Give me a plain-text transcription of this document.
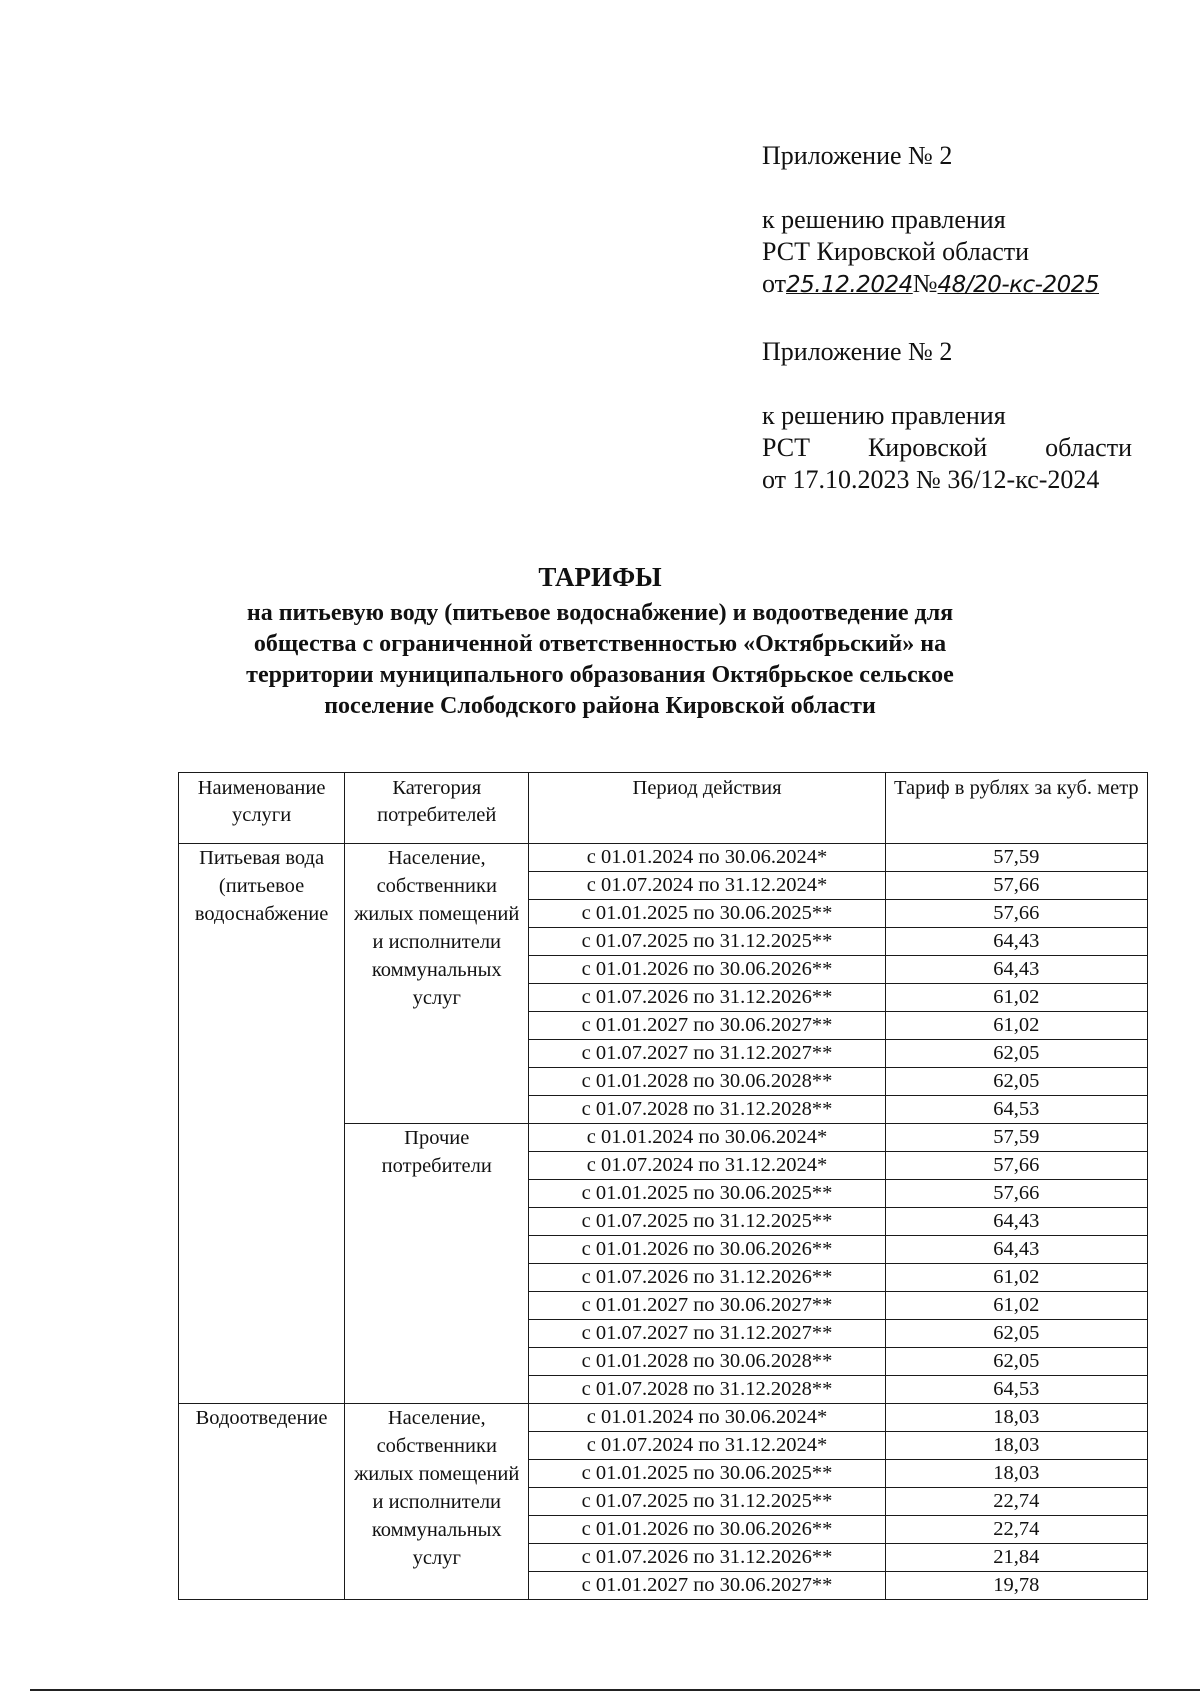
Приложение № 2
к решению правления
РСТ Кировской области
от25.12.2024№48/20-кс-2025
Приложение № 2
к решению правления
РСТ Кировской области
от 17.10.2023 № 36/12-кс-2024
ТАРИФЫ
на питьевую воду (питьевое водоснабжение) и водоотведение для
общества с ограниченной ответственностью «Октябрьский» на
территории муниципального образования Октябрьское сельское
поселение Слободского района Кировской области
Наименование услуги	Категория потребителей	Период действия	Тариф в рублях за куб. метр
Питьевая вода (питьевое водоснабжение	Население, собственники жилых помещений и исполнители коммунальных услуг	с 01.01.2024 по 30.06.2024*	57,59
		с 01.07.2024 по 31.12.2024*	57,66
		с 01.01.2025 по 30.06.2025**	57,66
		с 01.07.2025 по 31.12.2025**	64,43
		с 01.01.2026 по 30.06.2026**	64,43
		с 01.07.2026 по 31.12.2026**	61,02
		с 01.01.2027 по 30.06.2027**	61,02
		с 01.07.2027 по 31.12.2027**	62,05
		с 01.01.2028 по 30.06.2028**	62,05
		с 01.07.2028 по 31.12.2028**	64,53
	Прочие потребители	с 01.01.2024 по 30.06.2024*	57,59
		с 01.07.2024 по 31.12.2024*	57,66
		с 01.01.2025 по 30.06.2025**	57,66
		с 01.07.2025 по 31.12.2025**	64,43
		с 01.01.2026 по 30.06.2026**	64,43
		с 01.07.2026 по 31.12.2026**	61,02
		с 01.01.2027 по 30.06.2027**	61,02
		с 01.07.2027 по 31.12.2027**	62,05
		с 01.01.2028 по 30.06.2028**	62,05
		с 01.07.2028 по 31.12.2028**	64,53
Водоотведение	Население, собственники жилых помещений и исполнители коммунальных услуг	с 01.01.2024 по 30.06.2024*	18,03
		с 01.07.2024 по 31.12.2024*	18,03
		с 01.01.2025 по 30.06.2025**	18,03
		с 01.07.2025 по 31.12.2025**	22,74
		с 01.01.2026 по 30.06.2026**	22,74
		с 01.07.2026 по 31.12.2026**	21,84
		с 01.01.2027 по 30.06.2027**	19,78
